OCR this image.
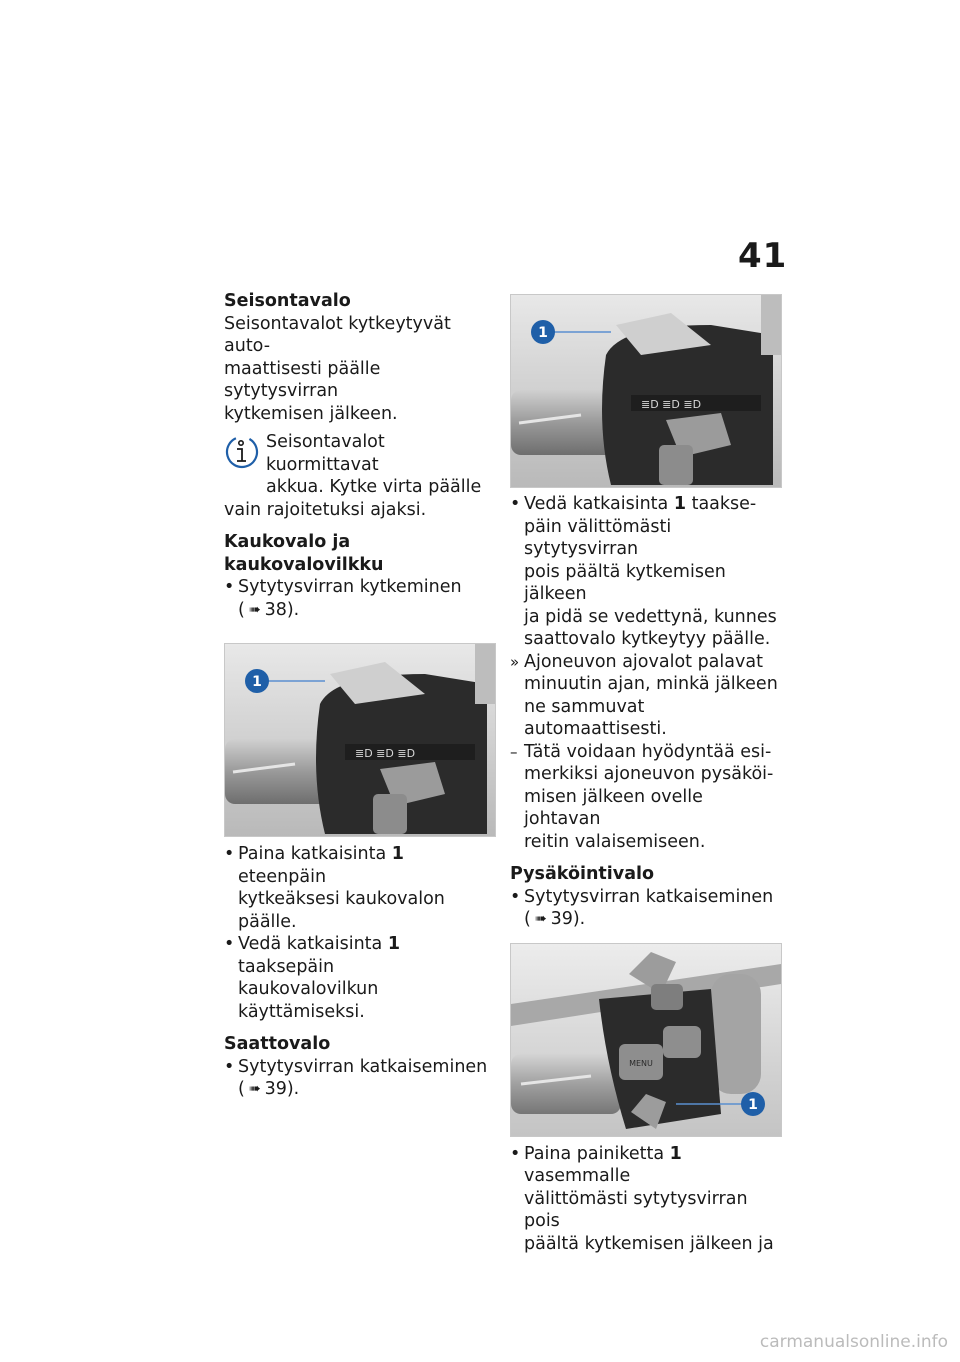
41

Seisontavalo

Seisontavalot kytkeytyvät auto-
maattisesti päälle sytytysvirran
kytkemisen jälkeen.

Seisontavalot kuormittavat
akkua. Kytke virta päälle
vain rajoitetuksi ajaksi.

Kaukovalo ja kaukovalovilkku

• Sytytysvirran kytkeminen
( ➠ 38).
≣D ≣D ≣D
1
• Paina katkaisinta 1 eteenpäin
kytkeäksesi kaukovalon päälle.
• Vedä katkaisinta 1 taaksepäin
kaukovalovilkun käyttämiseksi.

Saattovalo

• Sytytysvirran katkaiseminen
( ➠ 39).
≣D ≣D ≣D
1
• Vedä katkaisinta 1 taakse-
päin välittömästi sytytysvirran
pois päältä kytkemisen jälkeen
ja pidä se vedettynä, kunnes
saattovalo kytkeytyy päälle.
» Ajoneuvon ajovalot palavat
minuutin ajan, minkä jälkeen
ne sammuvat automaattisesti.
– Tätä voidaan hyödyntää esi-
merkiksi ajoneuvon pysäköi-
misen jälkeen ovelle johtavan
reitin valaisemiseen.

Pysäköintivalo

• Sytytysvirran katkaiseminen
( ➠ 39).
MENU
1
• Paina painiketta 1 vasemmalle
välittömästi sytytysvirran pois
päältä kytkemisen jälkeen ja
carmanualsonline.info
